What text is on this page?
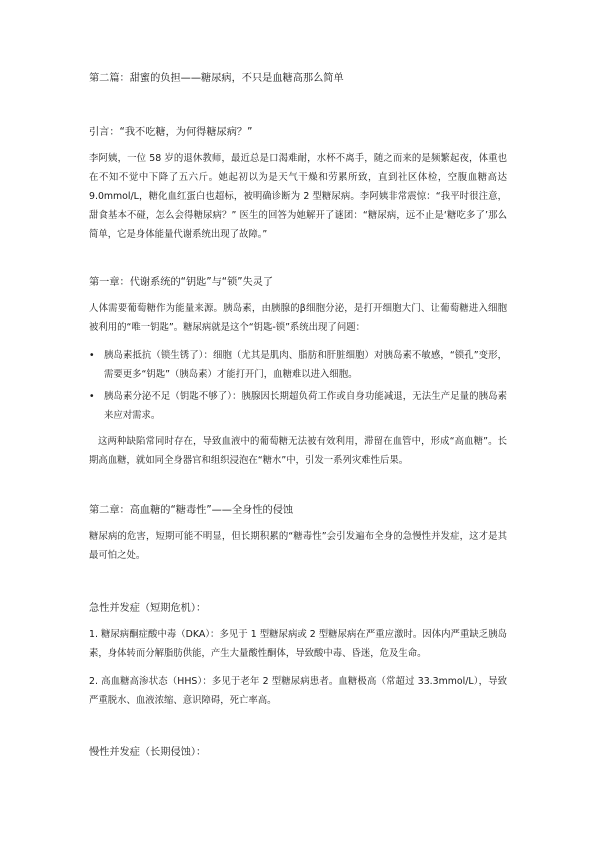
第二篇：甜蜜的负担——糖尿病，不只是血糖高那么简单
引言：“我不吃糖，为何得糖尿病？”

李阿姨，一位 58 岁的退休教师，最近总是口渴难耐，水杯不离手，随之而来的是频繁起夜，体重也在不知不觉中下降了五六斤。她起初以为是天气干燥和劳累所致，直到社区体检，空腹血糖高达 9.0mmol/L，糖化血红蛋白也超标，被明确诊断为 2 型糖尿病。李阿姨非常震惊：“我平时很注意，甜食基本不碰，怎么会得糖尿病？” 医生的回答为她解开了谜团：“糖尿病，远不止是‘糖吃多了’那么简单，它是身体能量代谢系统出现了故障。”

第一章：代谢系统的“钥匙”与“锁”失灵了

人体需要葡萄糖作为能量来源。胰岛素，由胰腺的β细胞分泌，是打开细胞大门、让葡萄糖进入细胞被利用的“唯一钥匙”。糖尿病就是这个“钥匙-锁”系统出现了问题：

• 胰岛素抵抗（锁生锈了）：细胞（尤其是肌肉、脂肪和肝脏细胞）对胰岛素不敏感，“锁孔”变形，需要更多“钥匙”（胰岛素）才能打开门，血糖难以进入细胞。
• 胰岛素分泌不足（钥匙不够了）：胰腺因长期超负荷工作或自身功能减退，无法生产足量的胰岛素来应对需求。

这两种缺陷常同时存在，导致血液中的葡萄糖无法被有效利用，滞留在血管中，形成“高血糖”。长期高血糖，就如同全身器官和组织浸泡在“糖水”中，引发一系列灾难性后果。

第二章：高血糖的“糖毒性”——全身性的侵蚀

糖尿病的危害，短期可能不明显，但长期积累的“糖毒性”会引发遍布全身的急慢性并发症，这才是其最可怕之处。

急性并发症（短期危机）：

1. 糖尿病酮症酸中毒（DKA）：多见于 1 型糖尿病或 2 型糖尿病在严重应激时。因体内严重缺乏胰岛素，身体转而分解脂肪供能，产生大量酸性酮体，导致酸中毒、昏迷，危及生命。

2. 高血糖高渗状态（HHS）：多见于老年 2 型糖尿病患者。血糖极高（常超过 33.3mmol/L），导致严重脱水、血液浓缩、意识障碍，死亡率高。

慢性并发症（长期侵蚀）：
